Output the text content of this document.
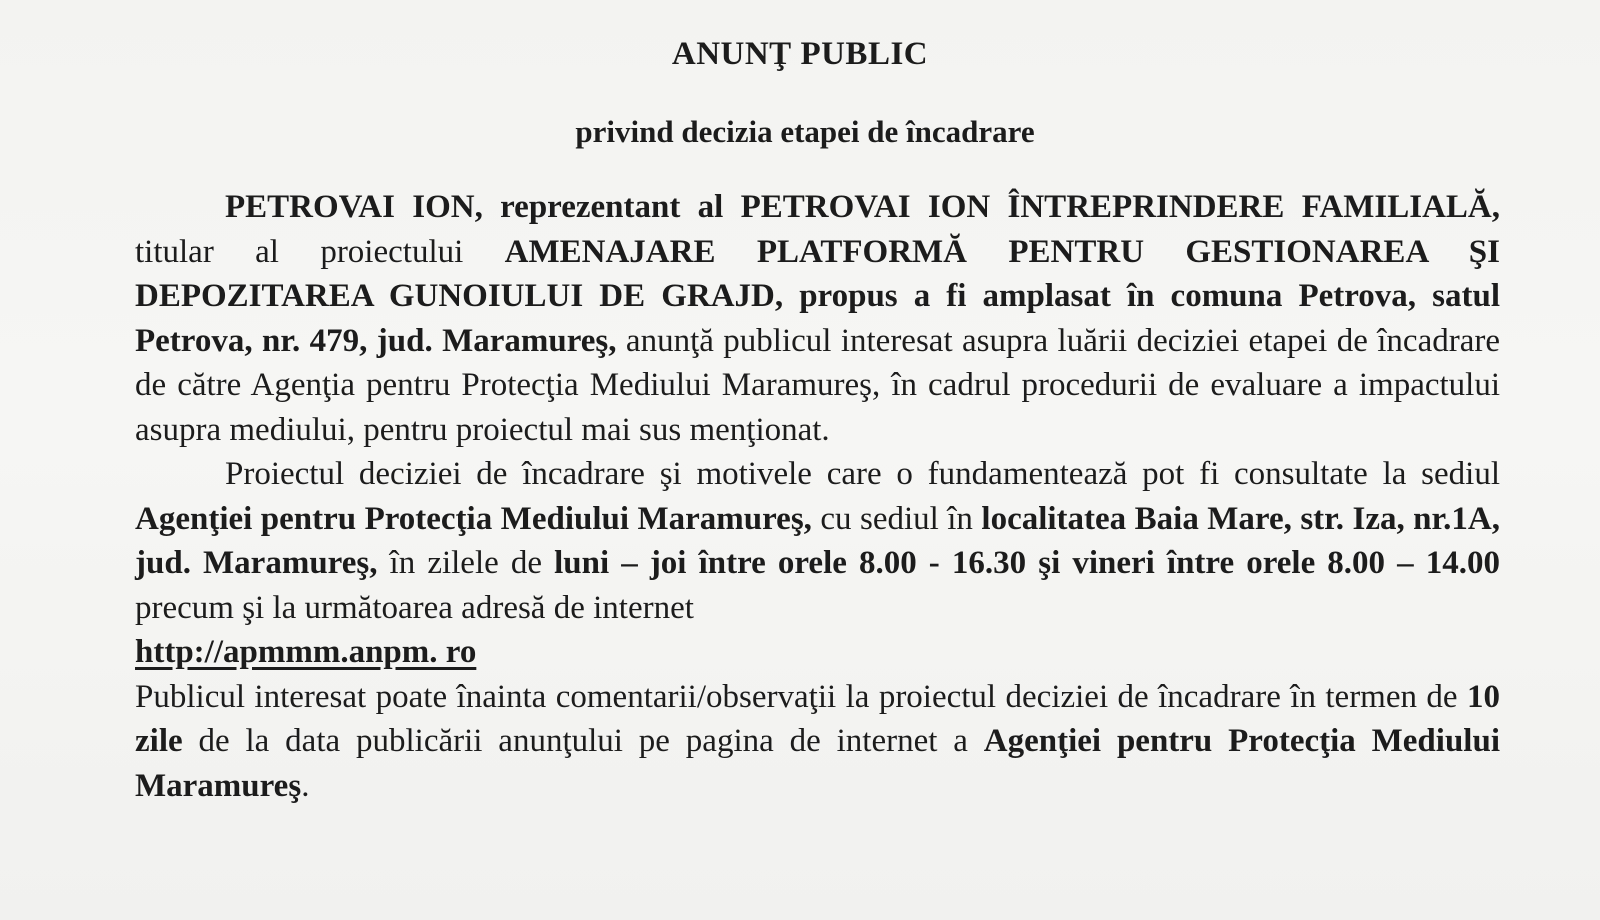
ANUNŢ PUBLIC
privind decizia etapei de încadrare

PETROVAI ION, reprezentant al PETROVAI ION ÎNTREPRINDERE FAMILIALĂ, titular al proiectului AMENAJARE PLATFORMĂ PENTRU GESTIONAREA ŞI DEPOZITAREA GUNOIULUI DE GRAJD, propus a fi amplasat în comuna Petrova, satul Petrova, nr. 479, jud. Maramureş, anunţă publicul interesat asupra luării deciziei etapei de încadrare de către Agenţia pentru Protecţia Mediului Maramureş, în cadrul procedurii de evaluare a impactului asupra mediului, pentru proiectul mai sus menţionat.

Proiectul deciziei de încadrare şi motivele care o fundamentează pot fi consultate la sediul Agenţiei pentru Protecţia Mediului Maramureş, cu sediul în localitatea Baia Mare, str. Iza, nr.1A, jud. Maramureş, în zilele de luni – joi între orele 8.00 - 16.30 şi vineri între orele 8.00 – 14.00 precum şi la următoarea adresă de internet

http://apmmm.anpm. ro

Publicul interesat poate înainta comentarii/observaţii la proiectul deciziei de încadrare în termen de 10 zile de la data publicării anunţului pe pagina de internet a Agenţiei pentru Protecţia Mediului Maramureş.
